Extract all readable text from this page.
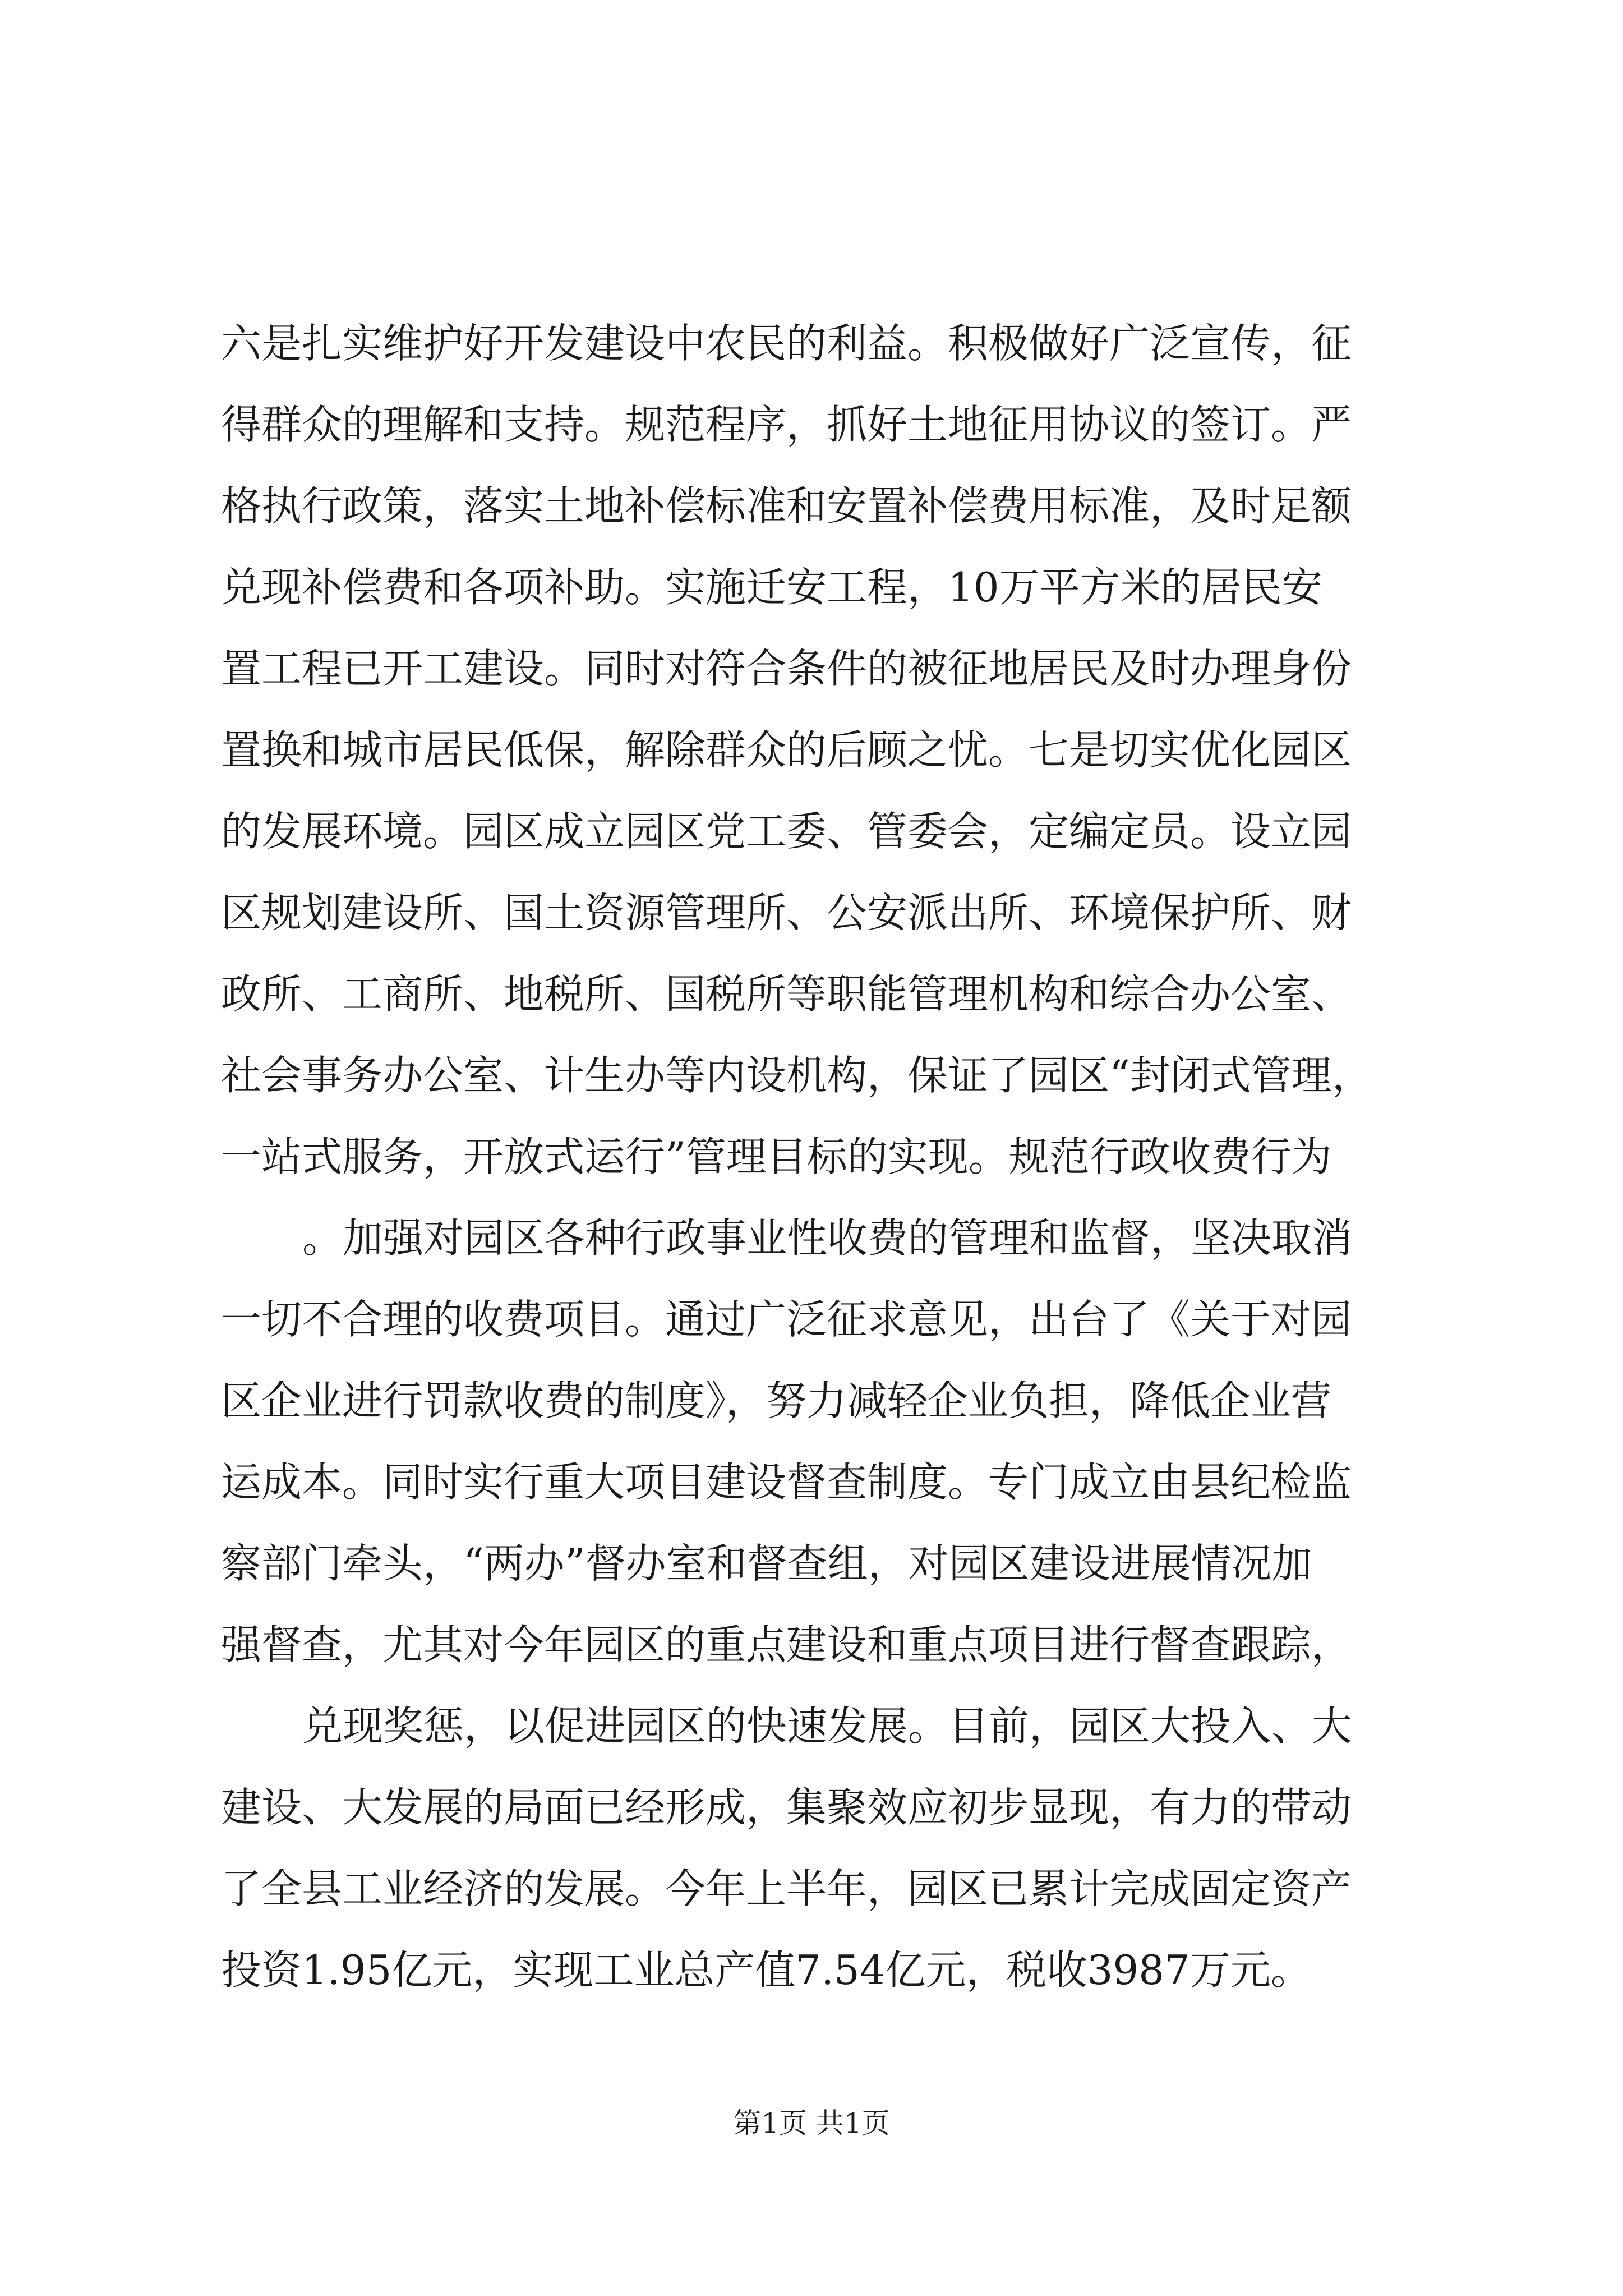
六是扎实维护好开发建设中农民的利益。积极做好广泛宣传，征
得群众的理解和支持。规范程序，抓好土地征用协议的签订。严
格执行政策，落实土地补偿标准和安置补偿费用标准，及时足额
兑现补偿费和各项补助。实施迁安工程，10万平方米的居民安
置工程已开工建设。同时对符合条件的被征地居民及时办理身份
置换和城市居民低保，解除群众的后顾之忧。七是切实优化园区
的发展环境。园区成立园区党工委、管委会，定编定员。设立园
区规划建设所、国土资源管理所、公安派出所、环境保护所、财
政所、工商所、地税所、国税所等职能管理机构和综合办公室、
社会事务办公室、计生办等内设机构，保证了园区“封闭式管理，
一站式服务，开放式运行”管理目标的实现。规范行政收费行为
。加强对园区各种行政事业性收费的管理和监督，坚决取消
一切不合理的收费项目。通过广泛征求意见，出台了《关于对园
区企业进行罚款收费的制度》，努力减轻企业负担，降低企业营
运成本。同时实行重大项目建设督查制度。专门成立由县纪检监
察部门牵头，“两办”督办室和督查组，对园区建设进展情况加
强督查，尤其对今年园区的重点建设和重点项目进行督查跟踪，
兑现奖惩，以促进园区的快速发展。目前，园区大投入、大
建设、大发展的局面已经形成，集聚效应初步显现，有力的带动
了全县工业经济的发展。今年上半年，园区已累计完成固定资产
投资1.95亿元，实现工业总产值7.54亿元，税收3987万元。
第1页 共1页
